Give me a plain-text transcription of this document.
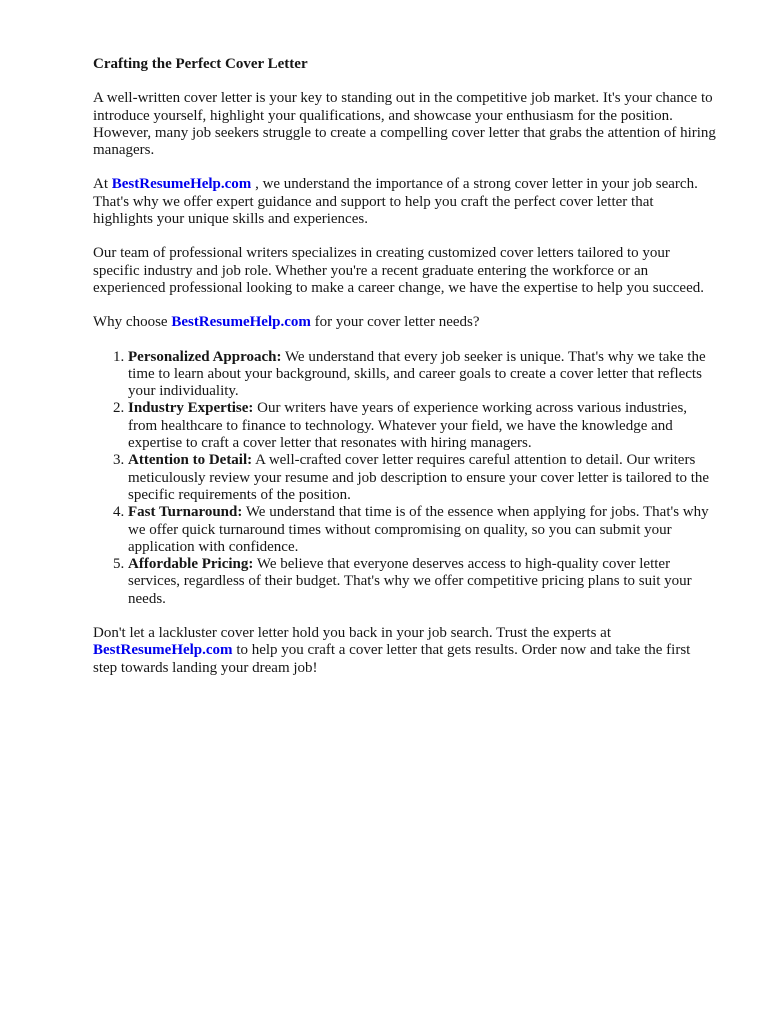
Crafting the Perfect Cover Letter

A well-written cover letter is your key to standing out in the competitive job market. It's your chance to introduce yourself, highlight your qualifications, and showcase your enthusiasm for the position. However, many job seekers struggle to create a compelling cover letter that grabs the attention of hiring managers.

At BestResumeHelp.com , we understand the importance of a strong cover letter in your job search. That's why we offer expert guidance and support to help you craft the perfect cover letter that highlights your unique skills and experiences.

Our team of professional writers specializes in creating customized cover letters tailored to your specific industry and job role. Whether you're a recent graduate entering the workforce or an experienced professional looking to make a career change, we have the expertise to help you succeed.

Why choose BestResumeHelp.com for your cover letter needs?

1. Personalized Approach: We understand that every job seeker is unique. That's why we take the time to learn about your background, skills, and career goals to create a cover letter that reflects your individuality.
2. Industry Expertise: Our writers have years of experience working across various industries, from healthcare to finance to technology. Whatever your field, we have the knowledge and expertise to craft a cover letter that resonates with hiring managers.
3. Attention to Detail: A well-crafted cover letter requires careful attention to detail. Our writers meticulously review your resume and job description to ensure your cover letter is tailored to the specific requirements of the position.
4. Fast Turnaround: We understand that time is of the essence when applying for jobs. That's why we offer quick turnaround times without compromising on quality, so you can submit your application with confidence.
5. Affordable Pricing: We believe that everyone deserves access to high-quality cover letter services, regardless of their budget. That's why we offer competitive pricing plans to suit your needs.

Don't let a lackluster cover letter hold you back in your job search. Trust the experts at BestResumeHelp.com to help you craft a cover letter that gets results. Order now and take the first step towards landing your dream job!
